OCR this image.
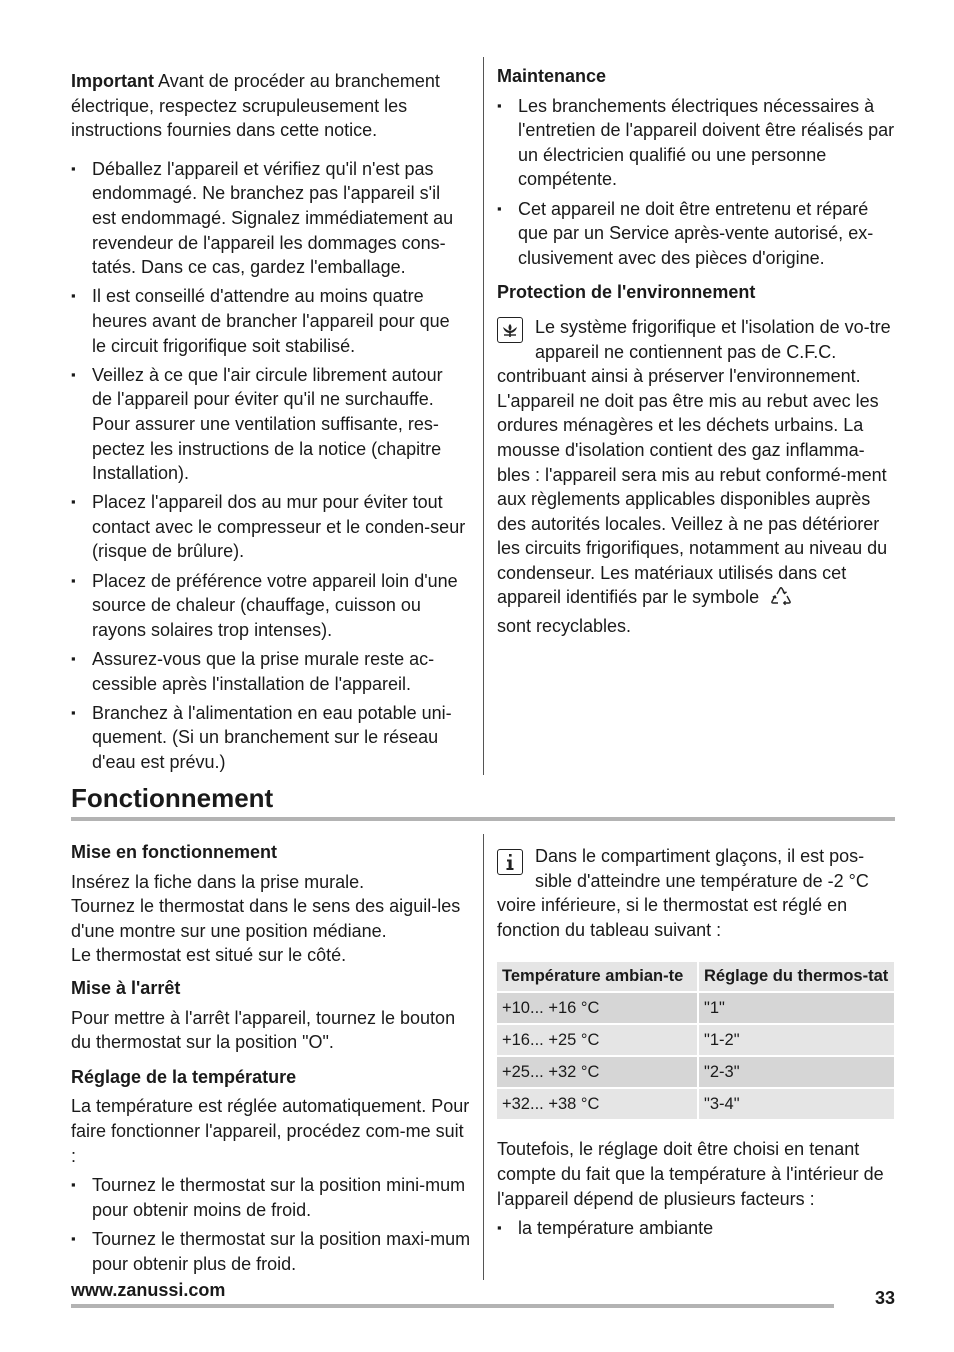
Important Avant de procéder au branchement électrique, respectez scrupuleusement les instructions fournies dans cette notice.

▪ Déballez l'appareil et vérifiez qu'il n'est pas endommagé. Ne branchez pas l'appareil s'il est endommagé. Signalez immédiatement au revendeur de l'appareil les dommages cons-tatés. Dans ce cas, gardez l'emballage.
▪ Il est conseillé d'attendre au moins quatre heures avant de brancher l'appareil pour que le circuit frigorifique soit stabilisé.
▪ Veillez à ce que l'air circule librement autour de l'appareil pour éviter qu'il ne surchauffe. Pour assurer une ventilation suffisante, res-pectez les instructions de la notice (chapitre Installation).
▪ Placez l'appareil dos au mur pour éviter tout contact avec le compresseur et le conden-seur (risque de brûlure).
▪ Placez de préférence votre appareil loin d'une source de chaleur (chauffage, cuisson ou rayons solaires trop intenses).
▪ Assurez-vous que la prise murale reste ac-cessible après l'installation de l'appareil.
▪ Branchez à l'alimentation en eau potable uni-quement. (Si un branchement sur le réseau d'eau est prévu.)

Maintenance

▪ Les branchements électriques nécessaires à l'entretien de l'appareil doivent être réalisés par un électricien qualifié ou une personne compétente.
▪ Cet appareil ne doit être entretenu et réparé que par un Service après-vente autorisé, ex-clusivement avec des pièces d'origine.

Protection de l'environnement

Le système frigorifique et l'isolation de vo-tre appareil ne contiennent pas de C.F.C. contribuant ainsi à préserver l'environnement. L'appareil ne doit pas être mis au rebut avec les ordures ménagères et les déchets urbains. La mousse d'isolation contient des gaz inflamma-bles : l'appareil sera mis au rebut conformé-ment aux règlements applicables disponibles auprès des autorités locales. Veillez à ne pas détériorer les circuits frigorifiques, notamment au niveau du condenseur. Les matériaux utilisés dans cet appareil identifiés par le symbole
sont recyclables.
Fonctionnement

Mise en fonctionnement

Insérez la fiche dans la prise murale.
Tournez le thermostat dans le sens des aiguil-les d'une montre sur une position médiane.
Le thermostat est situé sur le côté.

Mise à l'arrêt

Pour mettre à l'arrêt l'appareil, tournez le bouton du thermostat sur la position "O".

Réglage de la température

La température est réglée automatiquement. Pour faire fonctionner l'appareil, procédez com-me suit :

▪ Tournez le thermostat sur la position mini-mum pour obtenir moins de froid.
▪ Tournez le thermostat sur la position maxi-mum pour obtenir plus de froid.
Dans le compartiment glaçons, il est pos-sible d'atteindre une température de -2 °C voire inférieure, si le thermostat est réglé en fonction du tableau suivant :
Température ambian-te	Réglage du thermos-tat
+10... +16 °C	"1"
+16... +25 °C	"1-2"
+25... +32 °C	"2-3"
+32... +38 °C	"3-4"

Toutefois, le réglage doit être choisi en tenant compte du fait que la température à l'intérieur de l'appareil dépend de plusieurs facteurs :

▪ la température ambiante
www.zanussi.com	33
